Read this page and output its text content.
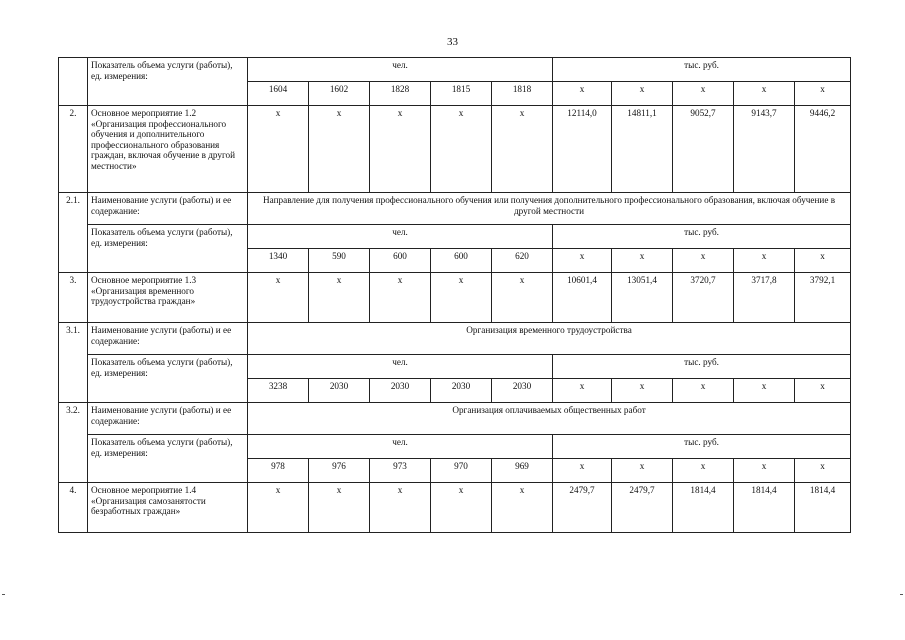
33
	Показатель объема услуги (работы), ед. измерения:	чел.					тыс. руб.				
		1604	1602	1828	1815	1818	х	х	х	х	х
2.	Основное мероприятие 1.2 «Организация профессионального обучения и дополнительного профессионального образования граждан, включая обучение в другой местности»	х	х	х	х	х	12114,0	14811,1	9052,7	9143,7	9446,2
2.1.	Наименование услуги (работы) и ее содержание:	Направление для получения профессионального обучения или получения дополнительного профессионального образования, включая обучение в другой местности									
	Показатель объема услуги (работы), ед. измерения:	чел.					тыс. руб.				
		1340	590	600	600	620	х	х	х	х	х
3.	Основное мероприятие 1.3 «Организация временного трудоустройства граждан»	х	х	х	х	х	10601,4	13051,4	3720,7	3717,8	3792,1
3.1.	Наименование услуги (работы) и ее содержание:	Организация временного трудоустройства									
	Показатель объема услуги (работы), ед. измерения:	чел.					тыс. руб.				
		3238	2030	2030	2030	2030	х	х	х	х	х
3.2.	Наименование услуги (работы) и ее содержание:	Организация оплачиваемых общественных работ									
	Показатель объема услуги (работы), ед. измерения:	чел.					тыс. руб.				
		978	976	973	970	969	х	х	х	х	х
4.	Основное мероприятие 1.4 «Организация самозанятости безработных граждан»	х	х	х	х	х	2479,7	2479,7	1814,4	1814,4	1814,4
